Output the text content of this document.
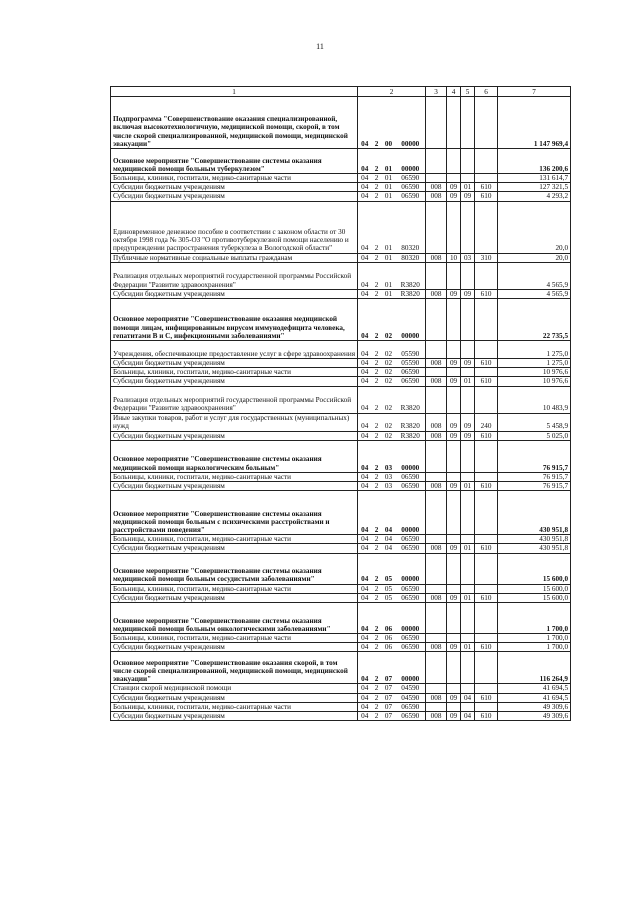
11
1	2				3	4	5	6	7
Подпрограмма "Совершенствование оказания специализированной, включая высокотехнологичную, медицинской помощи, скорой, в том числе скорой специализированной, медицинской помощи, медицинской эвакуации"	04	2	00	00000					1 147 969,4
Основное мероприятие "Совершенствование системы оказания медицинской помощи больным туберкулезом"	04	2	01	00000					136 200,6
Больницы, клиники, госпитали, медико-санитарные части	04	2	01	06590					131 614,7
Субсидии бюджетным учреждениям	04	2	01	06590	008	09	01	610	127 321,5
Субсидии бюджетным учреждениям	04	2	01	06590	008	09	09	610	4 293,2
Единовременное денежное пособие в соответствии с законом области от 30 октября 1998 года № 305-ОЗ "О противотуберкулезной помощи населению и предупреждении распространения туберкулеза в Вологодской области"	04	2	01	80320					20,0
Публичные нормативные социальные выплаты гражданам	04	2	01	80320	008	10	03	310	20,0
Реализация отдельных мероприятий государственной программы Российской Федерации "Развитие здравоохранения"	04	2	01	R3820					4 565,9
Субсидии бюджетным учреждениям	04	2	01	R3820	008	09	09	610	4 565,9
Основное мероприятие "Совершенствование оказания медицинской помощи лицам, инфицированным вирусом иммунодефицита человека, гепатитами В и С, инфекционными заболеваниями"	04	2	02	00000					22 735,5
Учреждения, обеспечивающие предоставление услуг в сфере здравоохранения	04	2	02	05590					1 275,0
Субсидии бюджетным учреждениям	04	2	02	05590	008	09	09	610	1 275,0
Больницы, клиники, госпитали, медико-санитарные части	04	2	02	06590					10 976,6
Субсидии бюджетным учреждениям	04	2	02	06590	008	09	01	610	10 976,6
Реализация отдельных мероприятий государственной программы Российской Федерации "Развитие здравоохранения"	04	2	02	R3820					10 483,9
Иные закупки товаров, работ и услуг для государственных (муниципальных) нужд	04	2	02	R3820	008	09	09	240	5 458,9
Субсидии бюджетным учреждениям	04	2	02	R3820	008	09	09	610	5 025,0
Основное мероприятие "Совершенствование системы оказания медицинской помощи наркологическим больным"	04	2	03	00000					76 915,7
Больницы, клиники, госпитали, медико-санитарные части	04	2	03	06590					76 915,7
Субсидии бюджетным учреждениям	04	2	03	06590	008	09	01	610	76 915,7
Основное мероприятие "Совершенствование системы оказания медицинской помощи больным с психическими расстройствами и расстройствами поведения"	04	2	04	00000					430 951,8
Больницы, клиники, госпитали, медико-санитарные части	04	2	04	06590					430 951,8
Субсидии бюджетным учреждениям	04	2	04	06590	008	09	01	610	430 951,8
Основное мероприятие "Совершенствование системы оказания медицинской помощи больным сосудистыми заболеваниями"	04	2	05	00000					15 600,0
Больницы, клиники, госпитали, медико-санитарные части	04	2	05	06590					15 600,0
Субсидии бюджетным учреждениям	04	2	05	06590	008	09	01	610	15 600,0
Основное мероприятие "Совершенствование системы оказания медицинской помощи больным онкологическими заболеваниями"	04	2	06	00000					1 700,0
Больницы, клиники, госпитали, медико-санитарные части	04	2	06	06590					1 700,0
Субсидии бюджетным учреждениям	04	2	06	06590	008	09	01	610	1 700,0
Основное мероприятие "Совершенствование оказания скорой, в том числе скорой специализированной, медицинской помощи, медицинской эвакуации"	04	2	07	00000					116 264,9
Станции скорой медицинской помощи	04	2	07	04590					41 694,5
Субсидии бюджетным учреждениям	04	2	07	04590	008	09	04	610	41 694,5
Больницы, клиники, госпитали, медико-санитарные части	04	2	07	06590					49 309,6
Субсидии бюджетным учреждениям	04	2	07	06590	008	09	04	610	49 309,6
